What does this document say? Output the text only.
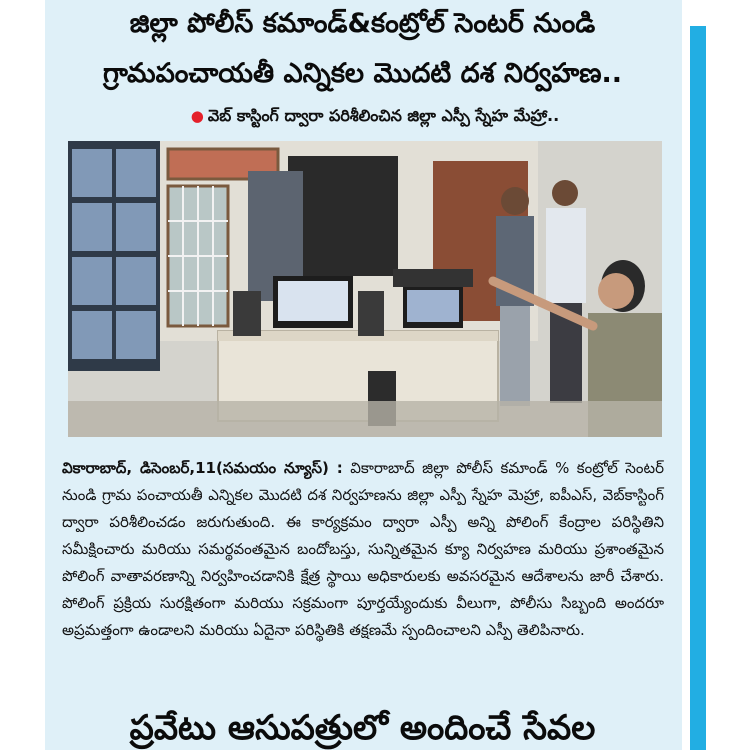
జిల్లా పోలీస్ కమాండ్&కంట్రోల్ సెంటర్ నుండి
గ్రామపంచాయతీ ఎన్నికల మొదటి దశ నిర్వహణ..
● వెబ్ కాస్టింగ్ ద్వారా పరిశీలించిన జిల్లా ఎస్పీ స్నేహ మేహ్రా..
వికారాబాద్, డిసెంబర్,11(సమయం న్యూస్) : వికారాబాద్ జిల్లా పోలీస్ కమాండ్ % కంట్రోల్ సెంటర్ నుండి గ్రామ పంచాయతీ ఎన్నికల మొదటి దశ నిర్వహణను జిల్లా ఎస్పీ స్నేహ మెహ్రా, ఐపీఎస్, వెబ్‌కాస్టింగ్ ద్వారా పరిశీలించడం జరుగుతుంది. ఈ కార్యక్రమం ద్వారా ఎస్పీ అన్ని పోలింగ్ కేంద్రాల పరిస్థితిని సమీక్షించారు మరియు సమర్థవంతమైన బందోబస్తు, సున్నితమైన క్యూ నిర్వహణ మరియు ప్రశాంతమైన పోలింగ్ వాతావరణాన్ని నిర్వహించడానికి క్షేత్ర స్థాయి అధికారులకు అవసరమైన ఆదేశాలను జారీ చేశారు. పోలింగ్ ప్రక్రియ సురక్షితంగా మరియు సక్రమంగా పూర్తయ్యేందుకు వీలుగా, పోలీసు సిబ్బంది అందరూ అప్రమత్తంగా ఉండాలని మరియు ఏదైనా పరిస్థితికి తక్షణమే స్పందించాలని ఎస్పీ తెలిపినారు.
ప్రవేటు ఆసుపత్రులో అందించే సేవల
